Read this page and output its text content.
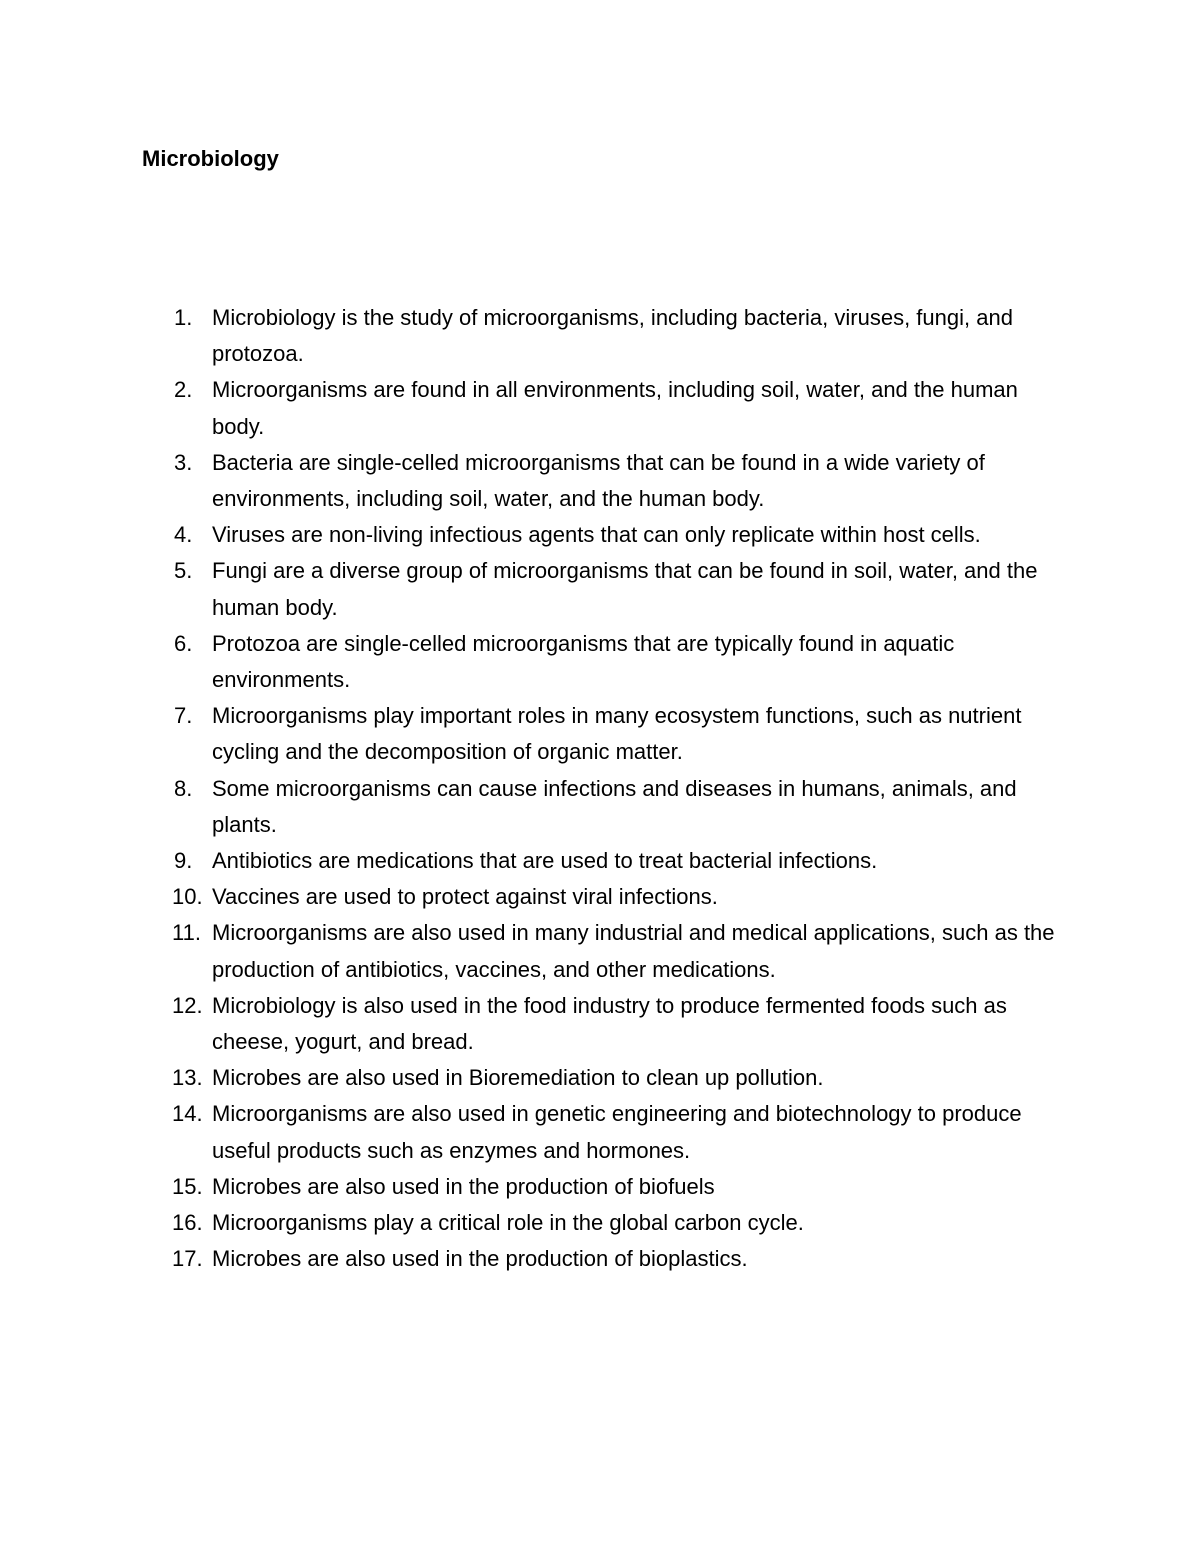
Microbiology
1. Microbiology is the study of microorganisms, including bacteria, viruses, fungi, and protozoa.
2. Microorganisms are found in all environments, including soil, water, and the human body.
3. Bacteria are single-celled microorganisms that can be found in a wide variety of environments, including soil, water, and the human body.
4. Viruses are non-living infectious agents that can only replicate within host cells.
5. Fungi are a diverse group of microorganisms that can be found in soil, water, and the human body.
6. Protozoa are single-celled microorganisms that are typically found in aquatic environments.
7. Microorganisms play important roles in many ecosystem functions, such as nutrient cycling and the decomposition of organic matter.
8. Some microorganisms can cause infections and diseases in humans, animals, and plants.
9. Antibiotics are medications that are used to treat bacterial infections.
10. Vaccines are used to protect against viral infections.
11. Microorganisms are also used in many industrial and medical applications, such as the production of antibiotics, vaccines, and other medications.
12. Microbiology is also used in the food industry to produce fermented foods such as cheese, yogurt, and bread.
13. Microbes are also used in Bioremediation to clean up pollution.
14. Microorganisms are also used in genetic engineering and biotechnology to produce useful products such as enzymes and hormones.
15. Microbes are also used in the production of biofuels
16. Microorganisms play a critical role in the global carbon cycle.
17. Microbes are also used in the production of bioplastics.
